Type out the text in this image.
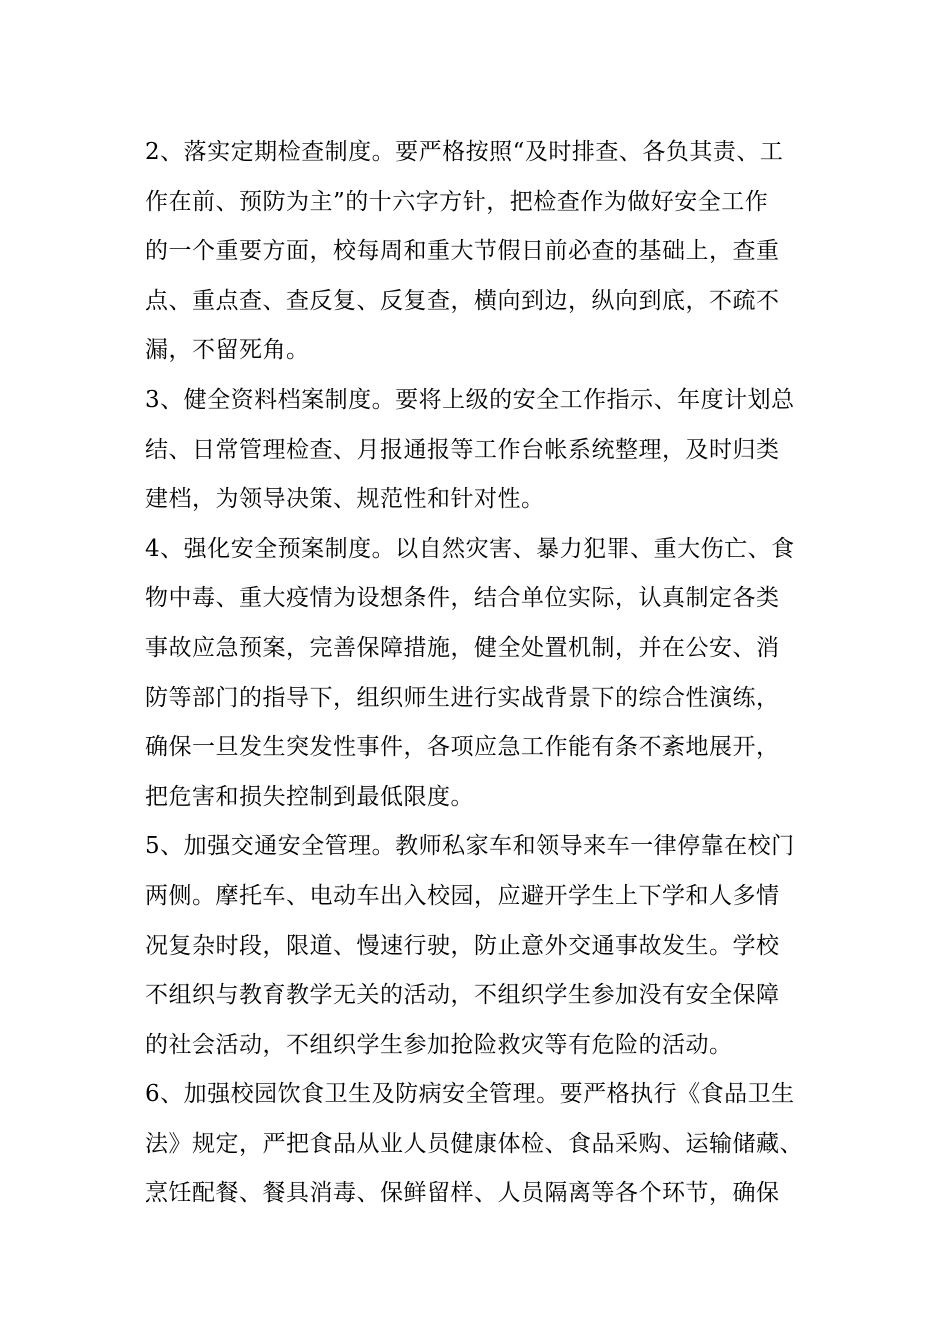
2、落实定期检查制度。要严格按照“及时排查、各负其责、工
作在前、预防为主”的十六字方针，把检查作为做好安全工作
的一个重要方面，校每周和重大节假日前必查的基础上，查重
点、重点查、查反复、反复查，横向到边，纵向到底，不疏不
漏，不留死角。
3、健全资料档案制度。要将上级的安全工作指示、年度计划总
结、日常管理检查、月报通报等工作台帐系统整理，及时归类
建档，为领导决策、规范性和针对性。
4、强化安全预案制度。以自然灾害、暴力犯罪、重大伤亡、食
物中毒、重大疫情为设想条件，结合单位实际，认真制定各类
事故应急预案，完善保障措施，健全处置机制，并在公安、消
防等部门的指导下，组织师生进行实战背景下的综合性演练，
确保一旦发生突发性事件，各项应急工作能有条不紊地展开，
把危害和损失控制到最低限度。
5、加强交通安全管理。教师私家车和领导来车一律停靠在校门
两侧。摩托车、电动车出入校园，应避开学生上下学和人多情
况复杂时段，限道、慢速行驶，防止意外交通事故发生。学校
不组织与教育教学无关的活动，不组织学生参加没有安全保障
的社会活动，不组织学生参加抢险救灾等有危险的活动。
6、加强校园饮食卫生及防病安全管理。要严格执行《食品卫生
法》规定，严把食品从业人员健康体检、食品采购、运输储藏、
烹饪配餐、餐具消毒、保鲜留样、人员隔离等各个环节，确保
